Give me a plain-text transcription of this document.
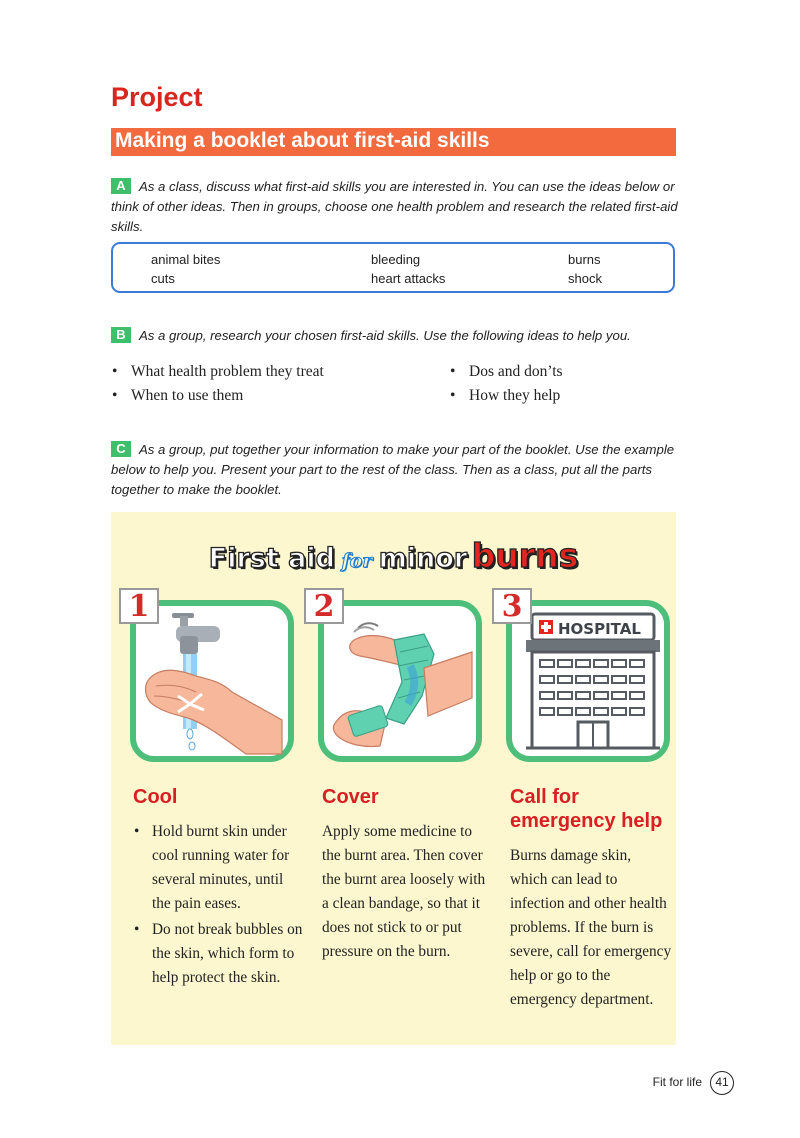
Project
Making a booklet about first-aid skills
A As a class, discuss what first-aid skills you are interested in. You can use the ideas below or think of other ideas. Then in groups, choose one health problem and research the related first-aid skills.
animal bites	bleeding	burns
cuts	heart attacks	shock
B As a group, research your chosen first-aid skills. Use the following ideas to help you.
• What health problem they treat
• When to use them
• Dos and don’ts
• How they help
C As a group, put together your information to make your part of the booklet. Use the example below to help you. Present your part to the rest of the class. Then as a class, put all the parts together to make the booklet.
First aid for minor burns
1	2
HOSPITAL
3
Cool
• Hold burnt skin under cool running water for several minutes, until the pain eases.
• Do not break bubbles on the skin, which form to help protect the skin.
Cover
Apply some medicine to the burnt area. Then cover the burnt area loosely with a clean bandage, so that it does not stick to or put pressure on the burn.
Call for emergency help
Burns damage skin, which can lead to infection and other health problems. If the burn is severe, call for emergency help or go to the emergency department.
Fit for life	41
